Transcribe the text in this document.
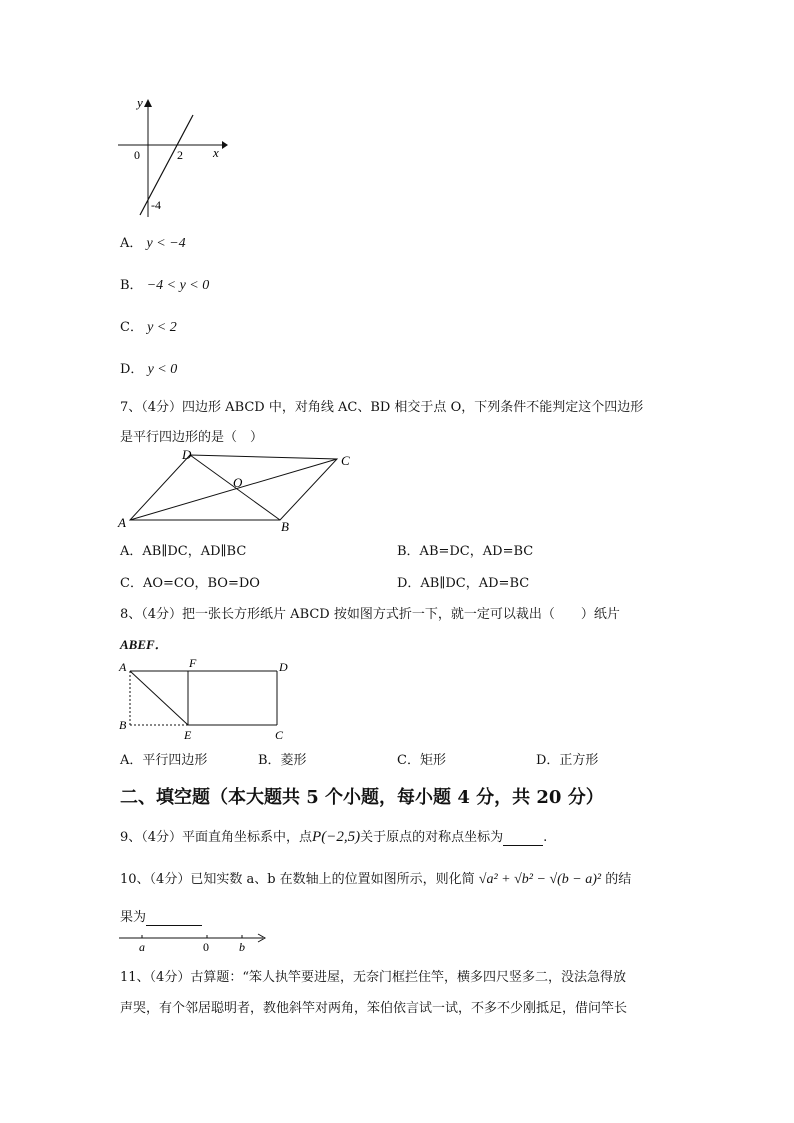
y
x
0	2
-4
A． y < −4
B． −4 < y < 0
C． y < 2
D． y < 0
7、（4分）四边形 ABCD 中，对角线 AC、BD 相交于点 O，下列条件不能判定这个四边形
是平行四边形的是（　）
A	B
C
D
O
A．AB∥DC，AD∥BC	B．AB=DC，AD=BC
C．AO=CO，BO=DO	D．AB∥DC，AD=BC
8、（4分）把一张长方形纸片 ABCD 按如图方式折一下，就一定可以裁出（　　）纸片
ABEF．
A	F	D
B
E	C
A．平行四边形	B．菱形	C．矩形	D．正方形
二、填空题（本大题共 5 个小题，每小题 4 分，共 20 分）
9、（4分）平面直角坐标系中，点P(−2,5)关于原点的对称点坐标为	.
10、（4分）已知实数 a、b 在数轴上的位置如图所示，则化简 √a² + √b² − √(b − a)² 的结
果为
a	0	b
11、（4分）古算题：“笨人执竿要进屋，无奈门框拦住竿，横多四尺竖多二，没法急得放
声哭，有个邻居聪明者，教他斜竿对两角，笨伯依言试一试，不多不少刚抵足，借问竿长
